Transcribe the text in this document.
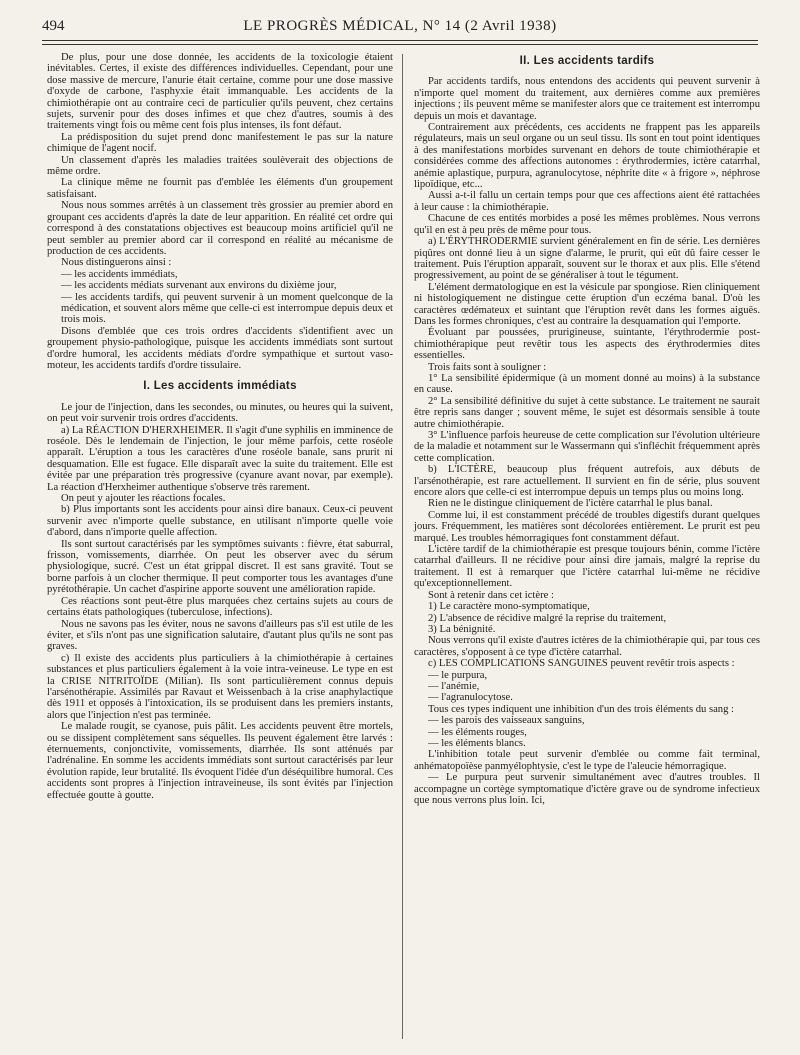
494	LE PROGRÈS MÉDICAL, N° 14 (2 Avril 1938)

De plus, pour une dose donnée, les accidents de la toxicologie étaient inévitables. Certes, il existe des différences individuelles. Cependant, pour une dose massive de mercure, l'anurie était certaine, comme pour une dose massive d'oxyde de carbone, l'asphyxie était immanquable. Les accidents de la chimiothérapie ont au contraire ceci de particulier qu'ils peuvent, chez certains sujets, survenir pour des doses infimes et que chez d'autres, soumis à des traitements vingt fois ou même cent fois plus intenses, ils font défaut.

La prédisposition du sujet prend donc manifestement le pas sur la nature chimique de l'agent nocif.

Un classement d'après les maladies traitées soulèverait des objections de même ordre.

La clinique même ne fournit pas d'emblée les éléments d'un groupement satisfaisant.

Nous nous sommes arrêtés à un classement très grossier au premier abord en groupant ces accidents d'après la date de leur apparition. En réalité cet ordre qui correspond à des constatations objectives est beaucoup moins artificiel qu'il ne peut sembler au premier abord car il correspond en réalité au mécanisme de production de ces accidents.

Nous distinguerons ainsi :

— les accidents immédiats,

— les accidents médiats survenant aux environs du dixième jour,

— les accidents tardifs, qui peuvent survenir à un moment quelconque de la médication, et souvent alors même que celle-ci est interrompue depuis deux et trois mois.

Disons d'emblée que ces trois ordres d'accidents s'identifient avec un groupement physio-pathologique, puisque les accidents immédiats sont surtout d'ordre humoral, les accidents médiats d'ordre sympathique et surtout vaso-moteur, les accidents tardifs d'ordre tissulaire.

I. Les accidents immédiats

Le jour de l'injection, dans les secondes, ou minutes, ou heures qui la suivent, on peut voir survenir trois ordres d'accidents.

a) La RÉACTION D'HERXHEIMER. Il s'agit d'une syphilis en imminence de roséole. Dès le lendemain de l'injection, le jour même parfois, cette roséole apparaît. L'éruption a tous les caractères d'une roséole banale, sans prurit ni desquamation. Elle est fugace. Elle disparaît avec la suite du traitement. Elle est évitée par une préparation très progressive (cyanure avant novar, par exemple). La réaction d'Herxheimer authentique s'observe très rarement.

On peut y ajouter les réactions focales.

b) Plus importants sont les accidents pour ainsi dire banaux. Ceux-ci peuvent survenir avec n'importe quelle substance, en utilisant n'importe quelle voie d'abord, dans n'importe quelle affection.

Ils sont surtout caractérisés par les symptômes suivants : fièvre, état saburral, frisson, vomissements, diarrhée. On peut les observer avec du sérum physiologique, sucré. C'est un état grippal discret. Il est sans gravité. Tout se borne parfois à un clocher thermique. Il peut comporter tous les avantages d'une pyrétothérapie. Un cachet d'aspirine apporte souvent une amélioration rapide.

Ces réactions sont peut-être plus marquées chez certains sujets au cours de certains états pathologiques (tuberculose, infections).

Nous ne savons pas les éviter, nous ne savons d'ailleurs pas s'il est utile de les éviter, et s'ils n'ont pas une signification salutaire, d'autant plus qu'ils ne sont pas graves.

c) Il existe des accidents plus particuliers à la chimiothérapie à certaines substances et plus particuliers également à la voie intra-veineuse. Le type en est la CRISE NITRITOÏDE (Milian). Ils sont particulièrement connus depuis l'arsénothérapie. Assimilés par Ravaut et Weissenbach à la crise anaphylactique dès 1911 et opposés à l'intoxication, ils se produisent dans les premiers instants, alors que l'injection n'est pas terminée.

Le malade rougit, se cyanose, puis pâlit. Les accidents peuvent être mortels, ou se dissipent complètement sans séquelles. Ils peuvent également être larvés : éternuements, conjonctivite, vomissements, diarrhée. Ils sont atténués par l'adrénaline. En somme les accidents immédiats sont surtout caractérisés par leur évolution rapide, leur brutalité. Ils évoquent l'idée d'un déséquilibre humoral. Ces accidents sont propres à l'injection intraveineuse, ils sont évités par l'injection effectuée goutte à goutte.

II. Les accidents tardifs

Par accidents tardifs, nous entendons des accidents qui peuvent survenir à n'importe quel moment du traitement, aux dernières comme aux premières injections ; ils peuvent même se manifester alors que ce traitement est interrompu depuis un mois et davantage.

Contrairement aux précédents, ces accidents ne frappent pas les appareils régulateurs, mais un seul organe ou un seul tissu. Ils sont en tout point identiques à des manifestations morbides survenant en dehors de toute chimiothérapie et considérées comme des affections autonomes : érythrodermies, ictère catarrhal, anémie aplastique, purpura, agranulocytose, néphrite dite « à frigore », néphrose lipoïdique, etc...

Aussi a-t-il fallu un certain temps pour que ces affections aient été rattachées à leur cause : la chimiothérapie.

Chacune de ces entités morbides a posé les mêmes problèmes. Nous verrons qu'il en est à peu près de même pour tous.

a) L'ÉRYTHRODERMIE survient généralement en fin de série. Les dernières piqûres ont donné lieu à un signe d'alarme, le prurit, qui eût dû faire cesser le traitement. Puis l'éruption apparaît, souvent sur le thorax et aux plis. Elle s'étend progressivement, au point de se généraliser à tout le tégument.

L'élément dermatologique en est la vésicule par spongiose. Rien cliniquement ni histologiquement ne distingue cette éruption d'un eczéma banal. D'où les caractères œdémateux et suintant que l'éruption revêt dans les formes aiguës. Dans les formes chroniques, c'est au contraire la desquamation qui l'emporte.

Évoluant par poussées, prurigineuse, suintante, l'érythrodermie post-chimiothérapique peut revêtir tous les aspects des érythrodermies dites essentielles.

Trois faits sont à souligner :

1° La sensibilité épidermique (à un moment donné au moins) à la substance en cause.

2° La sensibilité définitive du sujet à cette substance. Le traitement ne saurait être repris sans danger ; souvent même, le sujet est désormais sensible à toute autre chimiothérapie.

3° L'influence parfois heureuse de cette complication sur l'évolution ultérieure de la maladie et notamment sur le Wassermann qui s'infléchit fréquemment après cette complication.

b) L'ICTÈRE, beaucoup plus fréquent autrefois, aux débuts de l'arsénothérapie, est rare actuellement. Il survient en fin de série, plus souvent encore alors que celle-ci est interrompue depuis un temps plus ou moins long.

Rien ne le distingue cliniquement de l'ictère catarrhal le plus banal.

Comme lui, il est constamment précédé de troubles digestifs durant quelques jours. Fréquemment, les matières sont décolorées entièrement. Le prurit est peu marqué. Les troubles hémorragiques font constamment défaut.

L'ictère tardif de la chimiothérapie est presque toujours bénin, comme l'ictère catarrhal d'ailleurs. Il ne récidive pour ainsi dire jamais, malgré la reprise du traitement. Il est à remarquer que l'ictère catarrhal lui-même ne récidive qu'exceptionnellement.

Sont à retenir dans cet ictère :

1) Le caractère mono-symptomatique,

2) L'absence de récidive malgré la reprise du traitement,

3) La bénignité.

Nous verrons qu'il existe d'autres ictères de la chimiothérapie qui, par tous ces caractères, s'opposent à ce type d'ictère catarrhal.

c) LES COMPLICATIONS SANGUINES peuvent revêtir trois aspects :

— le purpura,

— l'anémie,

— l'agranulocytose.

Tous ces types indiquent une inhibition d'un des trois éléments du sang :

— les parois des vaisseaux sanguins,

— les éléments rouges,

— les éléments blancs.

L'inhibition totale peut survenir d'emblée ou comme fait terminal, anhématopoïèse panmyélophtysie, c'est le type de l'aleucie hémorragique.

— Le purpura peut survenir simultanément avec d'autres troubles. Il accompagne un cortège symptomatique d'ictère grave ou de syndrome infectieux que nous verrons plus loin. Ici,
